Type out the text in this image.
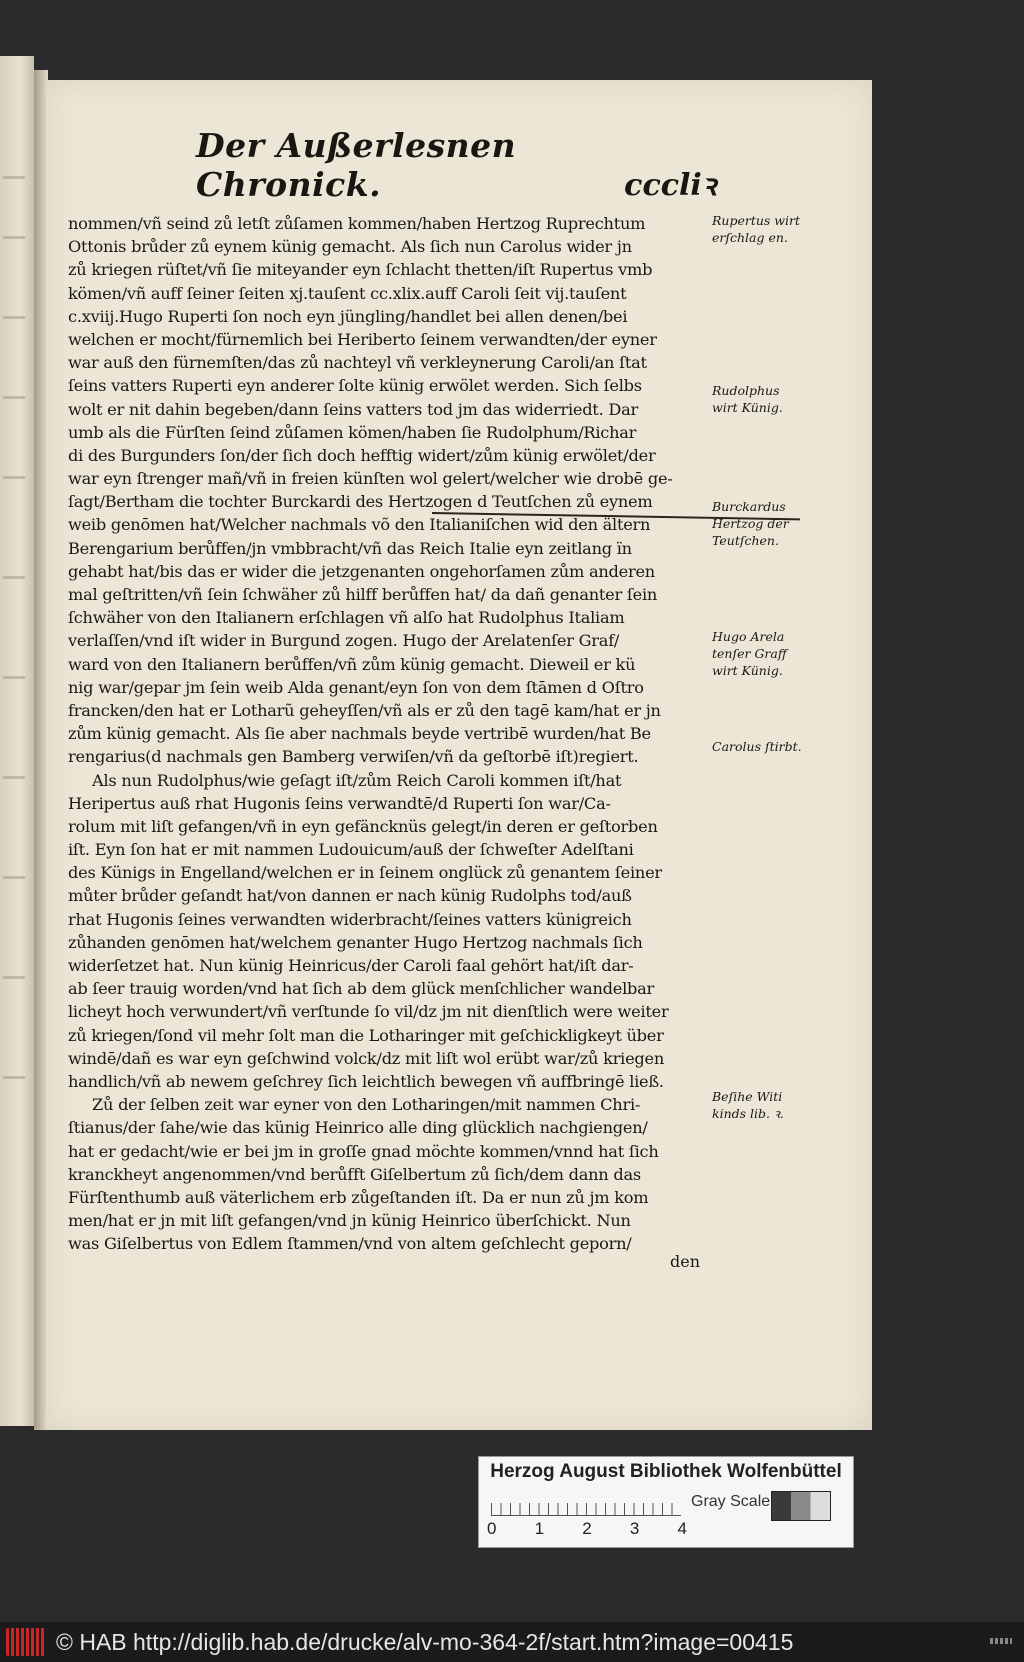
Der Außerlesnen Chronick.	cccliꝛ
nommen/vñ seind zů letſt zůſamen kommen/haben Hertzog Ruprechtum
Ottonis brůder zů eynem künig gemacht. Als ſich nun Carolus wider jn
zů kriegen rüſtet/vñ ſie miteyander eyn ſchlacht thetten/iſt Rupertus vmb
kömen/vñ auff ſeiner ſeiten xj.tauſent cc.xlix.auff Caroli ſeit vij.tauſent
c.xviij.Hugo Ruperti ſon noch eyn jüngling/handlet bei allen denen/bei
welchen er mocht/fürnemlich bei Heriberto ſeinem verwandten/der eyner
war auß den fürnemſten/das zů nachteyl vñ verkleynerung Caroli/an ſtat
ſeins vatters Ruperti eyn anderer ſolte künig erwölet werden. Sich ſelbs
wolt er nit dahin begeben/dann ſeins vatters tod jm das widerriedt. Dar
umb als die Fürſten ſeind zůſamen kömen/haben ſie Rudolphum/Richar
di des Burgunders ſon/der ſich doch hefftig widert/zům künig erwölet/der
war eyn ſtrenger mañ/vñ in freien künſten wol gelert/welcher wie drobē ge-
ſagt/Bertham die tochter Burckardi des Hertzogen d Teutſchen zů eynem
weib genōmen hat/Welcher nachmals võ den Italianiſchen wid den ältern
Berengarium berůffen/jn vmbbracht/vñ das Reich Italie eyn zeitlang ïn
gehabt hat/bis das er wider die jetzgenanten ongehorſamen zům anderen
mal geſtritten/vñ ſein ſchwäher zů hilff berůffen hat/ da dañ genanter ſein
ſchwäher von den Italianern erſchlagen vñ alſo hat Rudolphus Italiam
verlaſſen/vnd iſt wider in Burgund zogen. Hugo der Arelatenſer Graf/
ward von den Italianern berůffen/vñ zům künig gemacht. Dieweil er kü
nig war/gepar jm ſein weib Alda genant/eyn ſon von dem ſtāmen d Oſtro
francken/den hat er Lotharũ geheyſſen/vñ als er zů den tagē kam/hat er jn
zům künig gemacht. Als ſie aber nachmals beyde vertribē wurden/hat Be
rengarius(d nachmals gen Bamberg verwiſen/vñ da geſtorbē iſt)regiert.
Als nun Rudolphus/wie geſagt iſt/zům Reich Caroli kommen iſt/hat
Heripertus auß rhat Hugonis ſeins verwandtē/d Ruperti ſon war/Ca-
rolum mit liſt gefangen/vñ in eyn gefäncknüs gelegt/in deren er geſtorben
iſt. Eyn ſon hat er mit nammen Ludouicum/auß der ſchweſter Adelſtani
des Künigs in Engelland/welchen er in ſeinem onglück zů genantem ſeiner
můter brůder geſandt hat/von dannen er nach künig Rudolphs tod/auß
rhat Hugonis ſeines verwandten widerbracht/ſeines vatters künigreich
zůhanden genōmen hat/welchem genanter Hugo Hertzog nachmals ſich
widerſetzet hat. Nun künig Heinricus/der Caroli faal gehört hat/iſt dar-
ab ſeer trauig worden/vnd hat ſich ab dem glück menſchlicher wandelbar
licheyt hoch verwundert/vñ verſtunde ſo vil/dz jm nit dienſtlich were weiter
zů kriegen/ſond vil mehr ſolt man die Lotharinger mit geſchickligkeyt über
windē/dañ es war eyn geſchwind volck/dz mit liſt wol erübt war/zů kriegen
handlich/vñ ab newem geſchrey ſich leichtlich bewegen vñ auffbringē ließ.
Zů der ſelben zeit war eyner von den Lotharingen/mit nammen Chri-
ſtianus/der ſahe/wie das künig Heinrico alle ding glücklich nachgiengen/
hat er gedacht/wie er bei jm in groſſe gnad möchte kommen/vnnd hat ſich
kranckheyt angenommen/vnd berůfft Giſelbertum zů ſich/dem dann das
Fürſtenthumb auß väterlichem erb zůgeſtanden iſt. Da er nun zů jm kom
men/hat er jn mit liſt gefangen/vnd jn künig Heinrico überſchickt. Nun
was Giſelbertus von Edlem ſtammen/vnd von altem geſchlecht geporn/
den
Rupertus wirt erſchlag en.
Rudolphus wirt Künig.
Burckardus Hertzog der Teutſchen.
Hugo Arela tenſer Graff wirt Künig.
Carolus ſtirbt.
Beſihe Witi kinds lib. ꝛ.
Herzog August Bibliothek Wolfenbüttel
0 1 2 3 4
Gray Scale
© HAB http://diglib.hab.de/drucke/alv-mo-364-2f/start.htm?image=00415
